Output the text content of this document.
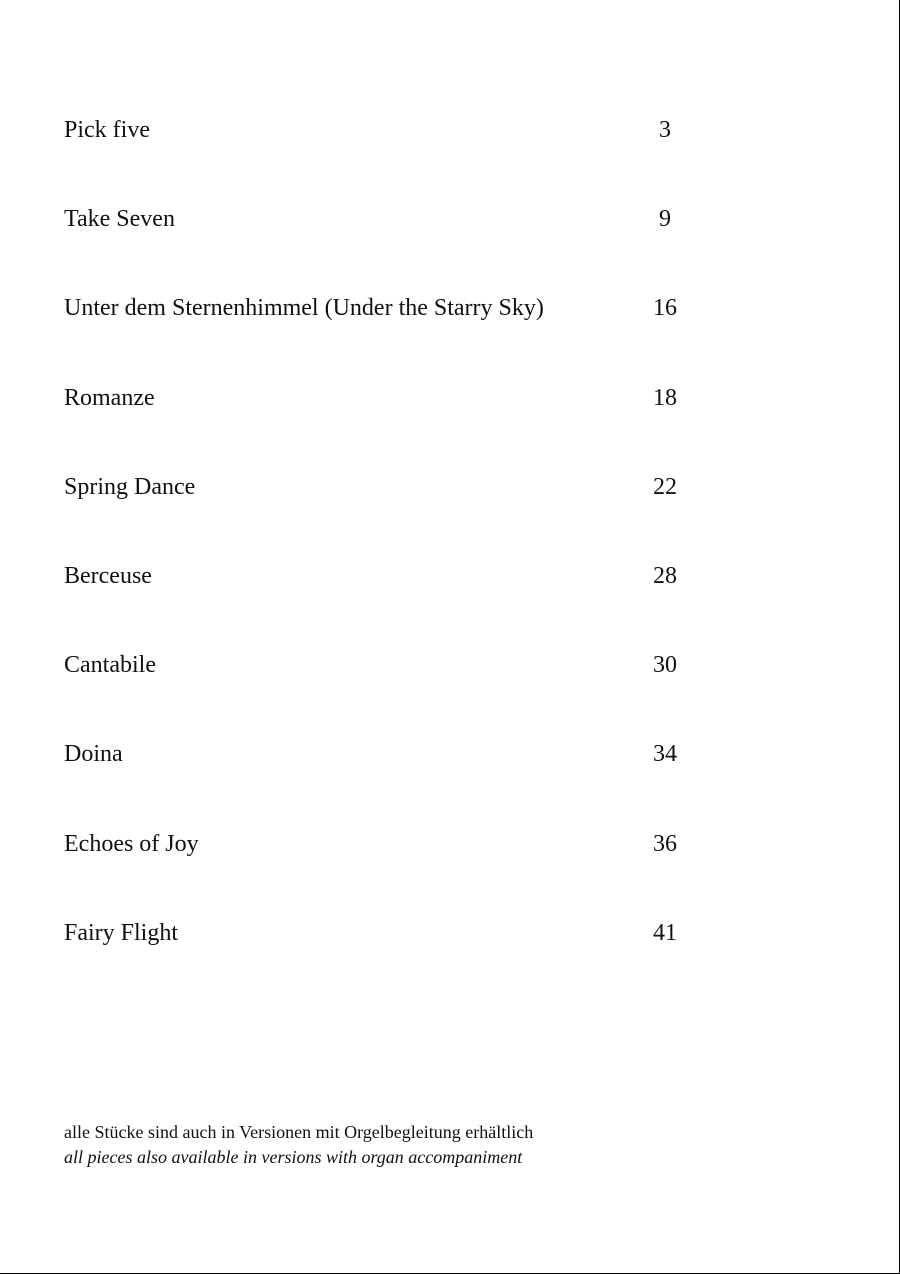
Pick five	3
Take Seven	9
Unter dem Sternenhimmel (Under the Starry Sky)	16
Romanze	18
Spring Dance	22
Berceuse	28
Cantabile	30
Doina	34
Echoes of Joy	36
Fairy Flight	41
alle Stücke sind auch in Versionen mit Orgelbegleitung erhältlich
all pieces also available in versions with organ accompaniment
